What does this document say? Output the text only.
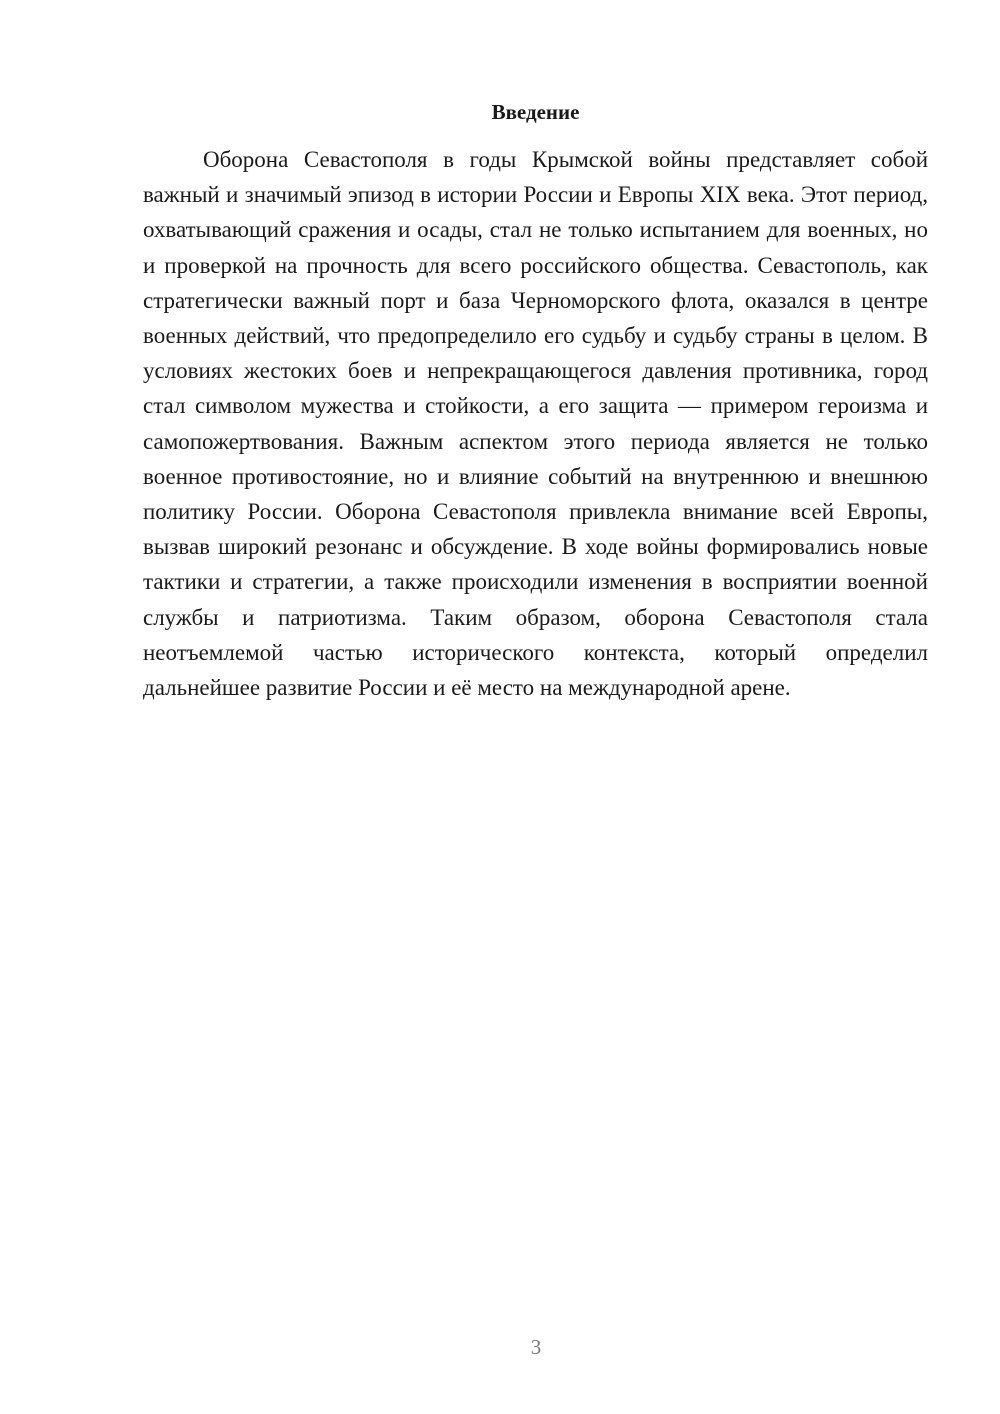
Введение

Оборона Севастополя в годы Крымской войны представляет собой важный и значимый эпизод в истории России и Европы XIX века. Этот период, охватывающий сражения и осады, стал не только испытанием для военных, но и проверкой на прочность для всего российского общества. Севастополь, как стратегически важный порт и база Черноморского флота, оказался в центре военных действий, что предопределило его судьбу и судьбу страны в целом. В условиях жестоких боев и непрекращающегося давления противника, город стал символом мужества и стойкости, а его защита — примером героизма и самопожертвования. Важным аспектом этого периода является не только военное противостояние, но и влияние событий на внутреннюю и внешнюю политику России. Оборона Севастополя привлекла внимание всей Европы, вызвав широкий резонанс и обсуждение. В ходе войны формировались новые тактики и стратегии, а также происходили изменения в восприятии военной службы и патриотизма. Таким образом, оборона Севастополя стала неотъемлемой частью исторического контекста, который определил дальнейшее развитие России и её место на международной арене.

3
